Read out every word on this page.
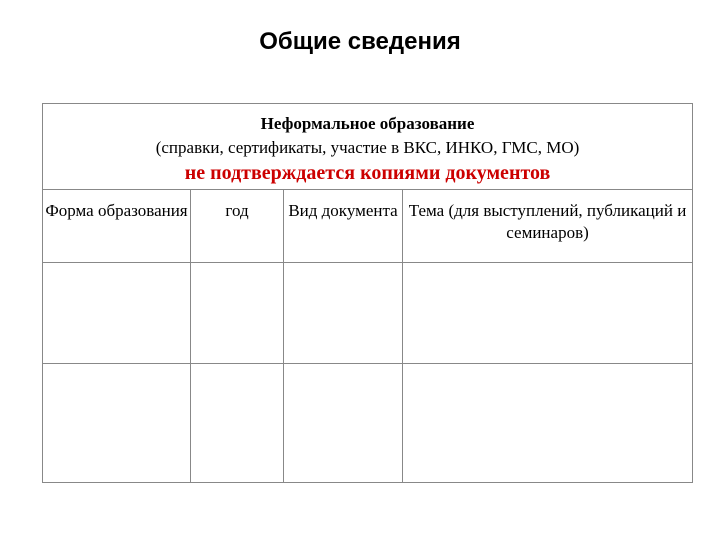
Общие сведения
Неформальное образование
(справки, сертификаты, участие в ВКС, ИНКО, ГМС, МО)
не подтверждается копиями документов			

Форма образования	год	Вид документа	Тема (для выступлений, публикаций и семинаров)
